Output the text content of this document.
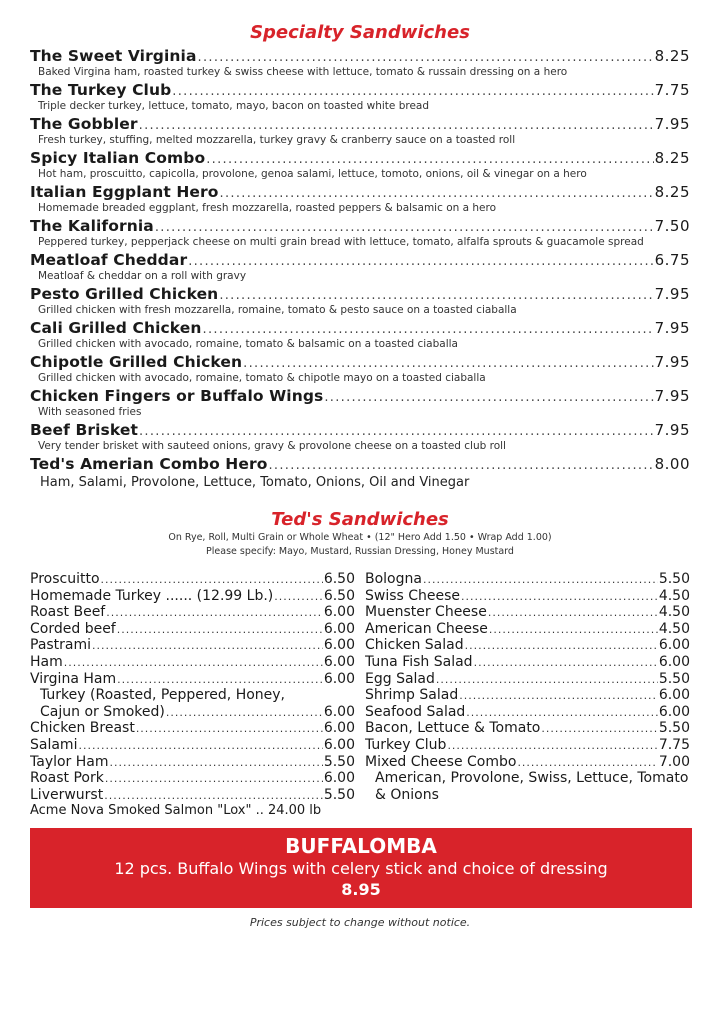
Specialty Sandwiches
The Sweet Virginia .....	8.25
Baked Virgina ham, roasted turkey & swiss cheese with lettuce, tomato & russain dressing on a hero
The Turkey Club .....	7.75
Triple decker turkey, lettuce, tomato, mayo, bacon on toasted white bread
The Gobbler .....	7.95
Fresh turkey, stuffing, melted mozzarella, turkey gravy & cranberry sauce on a toasted roll
Spicy Italian Combo .....	8.25
Hot ham, proscuitto, capicolla, provolone, genoa salami, lettuce, tomoto, onions, oil & vinegar on a hero
Italian Eggplant Hero .....	8.25
Homemade breaded eggplant, fresh mozzarella, roasted peppers & balsamic on a hero
The Kalifornia .....	7.50
Peppered turkey, pepperjack cheese on multi grain bread with lettuce, tomato, alfalfa sprouts & guacamole spread
Meatloaf Cheddar .....	6.75
Meatloaf & cheddar on a roll with gravy
Pesto Grilled Chicken .....	7.95
Grilled chicken with fresh mozzarella, romaine, tomato & pesto sauce on a toasted ciaballa
Cali Grilled Chicken .....	7.95
Grilled chicken with avocado, romaine, tomato & balsamic on a toasted ciaballa
Chipotle Grilled Chicken .....	7.95
Grilled chicken with avocado, romaine, tomato & chipotle mayo on a toasted ciaballa
Chicken Fingers or Buffalo Wings .....	7.95
With seasoned fries
Beef Brisket .....	7.95
Very tender brisket with sauteed onions, gravy & provolone cheese on a toasted club roll
Ted's Amerian Combo Hero .....	8.00
Ham, Salami, Provolone, Lettuce, Tomato, Onions, Oil and Vinegar
Ted's Sandwiches
On Rye, Roll, Multi Grain or Whole Wheat • (12" Hero Add 1.50 • Wrap Add 1.00)
Please specify: Mayo, Mustard, Russian Dressing, Honey Mustard
Proscuitto .....	6.50
Homemade Turkey ...... (12.99 Lb.) .....	6.50
Roast Beef .....	6.00
Corded beef .....	6.00
Pastrami .....	6.00
Ham .....	6.00
Virgina Ham .....	6.00
Turkey (Roasted, Peppered, Honey,
Cajun or Smoked) .....	6.00
Chicken Breast .....	6.00
Salami .....	6.00
Taylor Ham .....	5.50
Roast Pork .....	6.00
Liverwurst .....	5.50
Acme Nova Smoked Salmon "Lox" .. 24.00 lb
Bologna .....	5.50
Swiss Cheese .....	4.50
Muenster Cheese .....	4.50
American Cheese .....	4.50
Chicken Salad .....	6.00
Tuna Fish Salad .....	6.00
Egg Salad .....	5.50
Shrimp Salad .....	6.00
Seafood Salad .....	6.00
Bacon, Lettuce & Tomato .....	5.50
Turkey Club .....	7.75
Mixed Cheese Combo .....	7.00
American, Provolone, Swiss, Lettuce, Tomato & Onions
BUFFALOMBA
12 pcs. Buffalo Wings with celery stick and choice of dressing
8.95
Prices subject to change without notice.
